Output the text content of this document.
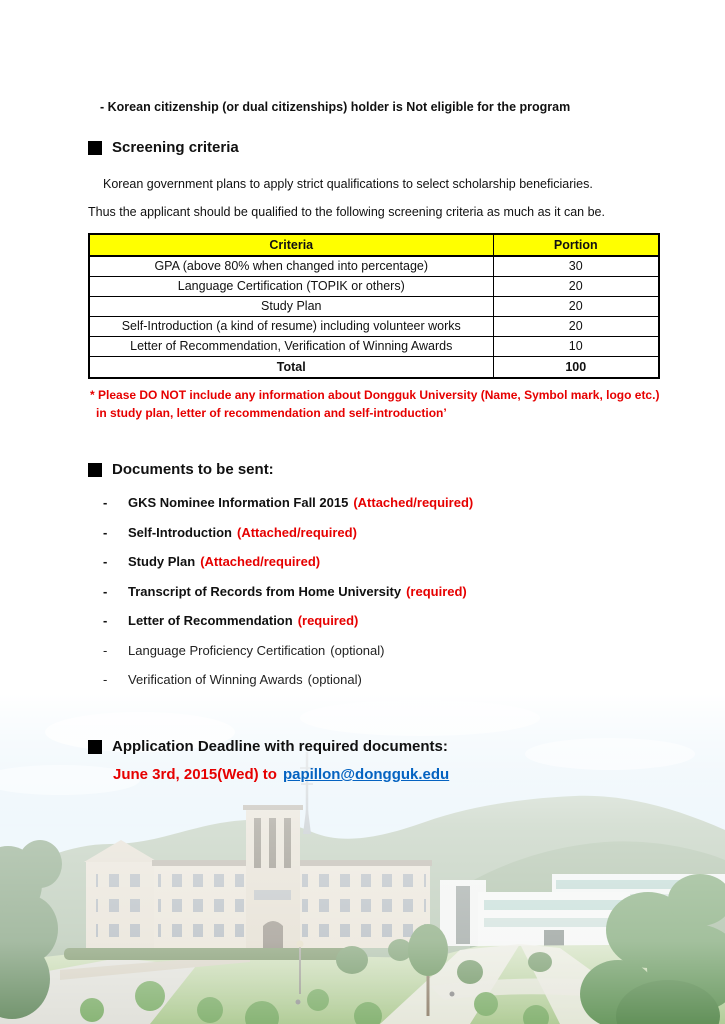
- Korean citizenship (or dual citizenships) holder is Not eligible for the program
Screening criteria
Korean government plans to apply strict qualifications to select scholarship beneficiaries.
Thus the applicant should be qualified to the following screening criteria as much as it can be.
Criteria	Portion
GPA (above 80% when changed into percentage)	30
Language Certification (TOPIK or others)	20
Study Plan	20
Self-Introduction (a kind of resume) including volunteer works	20
Letter of Recommendation, Verification of Winning Awards	10
Total	100
* Please DO NOT include any information about Dongguk University (Name, Symbol mark, logo etc.)
in study plan, letter of recommendation and self-introduction’
Documents to be sent:
-	GKS Nominee Information Fall 2015 (Attached/required)
-	Self-Introduction (Attached/required)
-	Study Plan (Attached/required)
-	Transcript of Records from Home University (required)
-	Letter of Recommendation (required)
-	Language Proficiency Certification (optional)
-	Verification of Winning Awards (optional)
Application Deadline with required documents:
June 3rd, 2015(Wed) to papillon@dongguk.edu
